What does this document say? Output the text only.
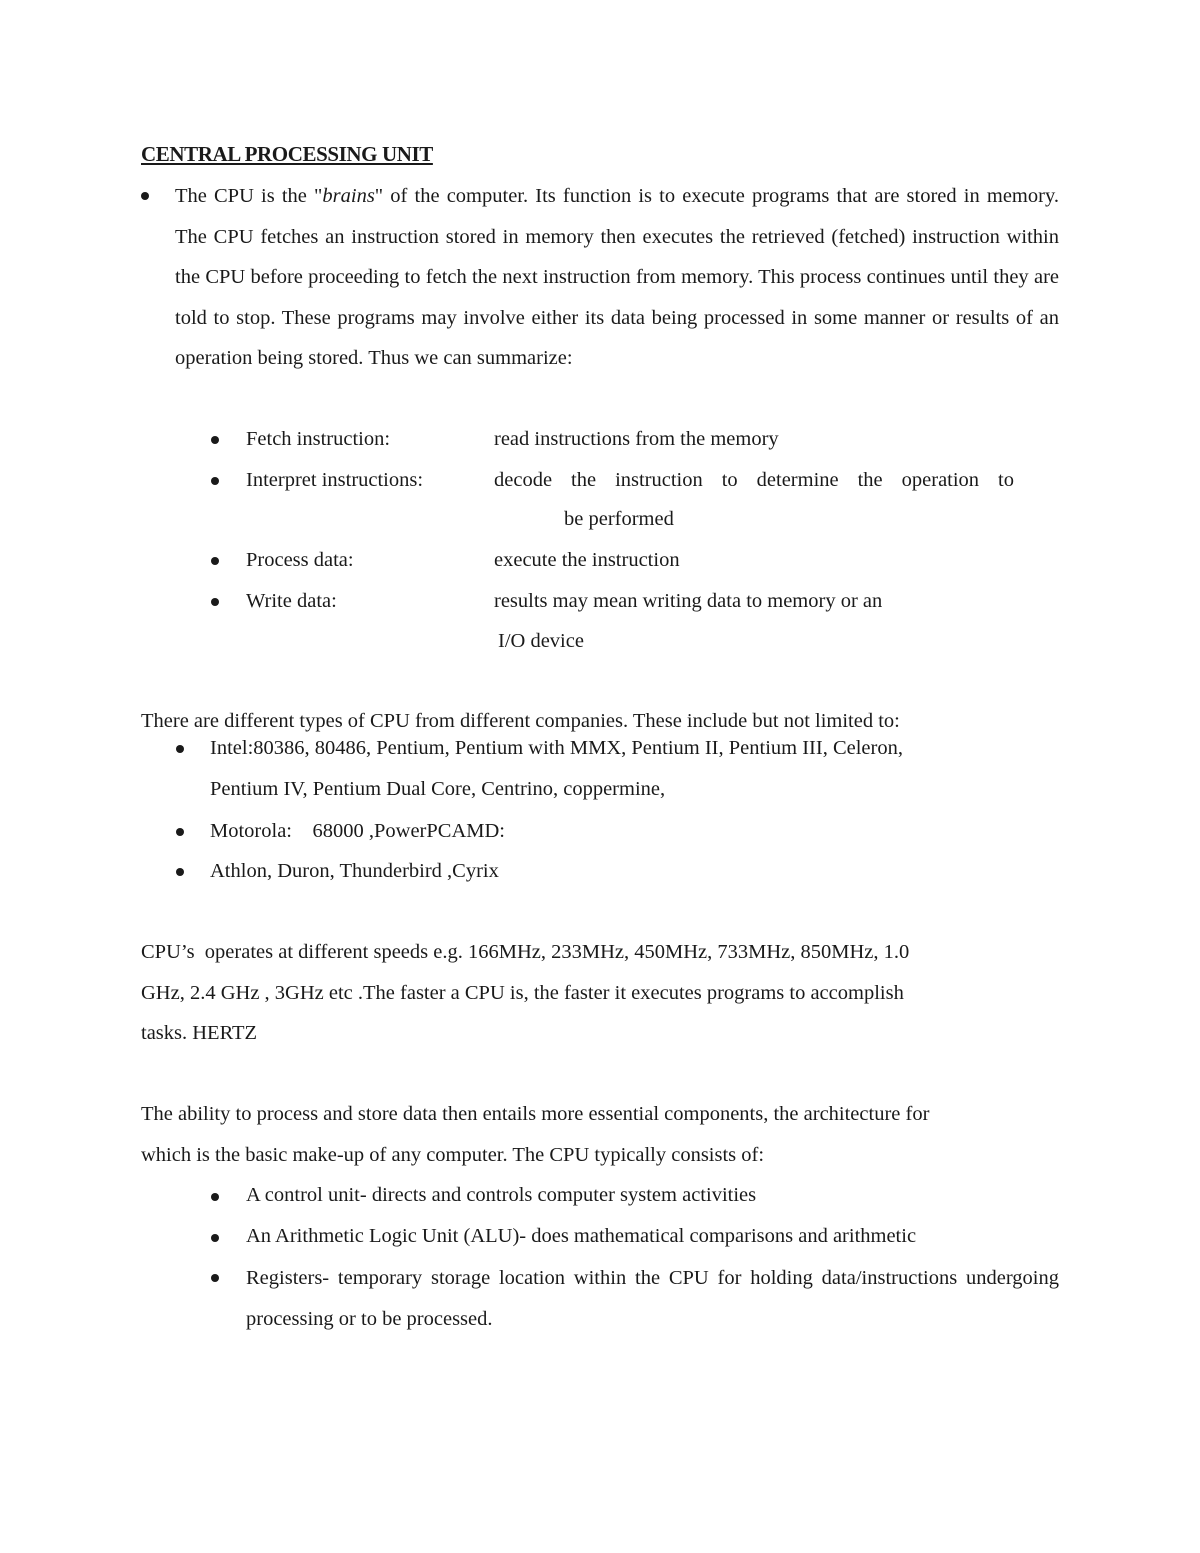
CENTRAL PROCESSING UNIT
The CPU is the "brains" of the computer. Its function is to execute programs that are stored in memory. The CPU fetches an instruction stored in memory then executes the retrieved (fetched) instruction within the CPU before proceeding to fetch the next instruction from memory. This process continues until they are told to stop. These programs may involve either its data being processed in some manner or results of an operation being stored. Thus we can summarize:
Fetch instruction:	read instructions from the memory
Interpret instructions:	decode the instruction to determine the operation to
be performed
Process data:	execute the instruction
Write data:	results may mean writing data to memory or an
I/O device
There are different types of CPU from different companies. These include but not limited to:
Intel:80386, 80486, Pentium, Pentium with MMX, Pentium II, Pentium III, Celeron,
Pentium IV, Pentium Dual Core, Centrino, coppermine,
Motorola:    68000 ,PowerPCAMD:
Athlon, Duron, Thunderbird ,Cyrix
CPU’s  operates at different speeds e.g. 166MHz, 233MHz, 450MHz, 733MHz, 850MHz, 1.0
GHz, 2.4 GHz , 3GHz etc .The faster a CPU is, the faster it executes programs to accomplish
tasks. HERTZ
The ability to process and store data then entails more essential components, the architecture for
which is the basic make-up of any computer. The CPU typically consists of:
A control unit- directs and controls computer system activities
An Arithmetic Logic Unit (ALU)- does mathematical comparisons and arithmetic
Registers- temporary storage location within the CPU for holding data/instructions undergoing processing or to be processed.
